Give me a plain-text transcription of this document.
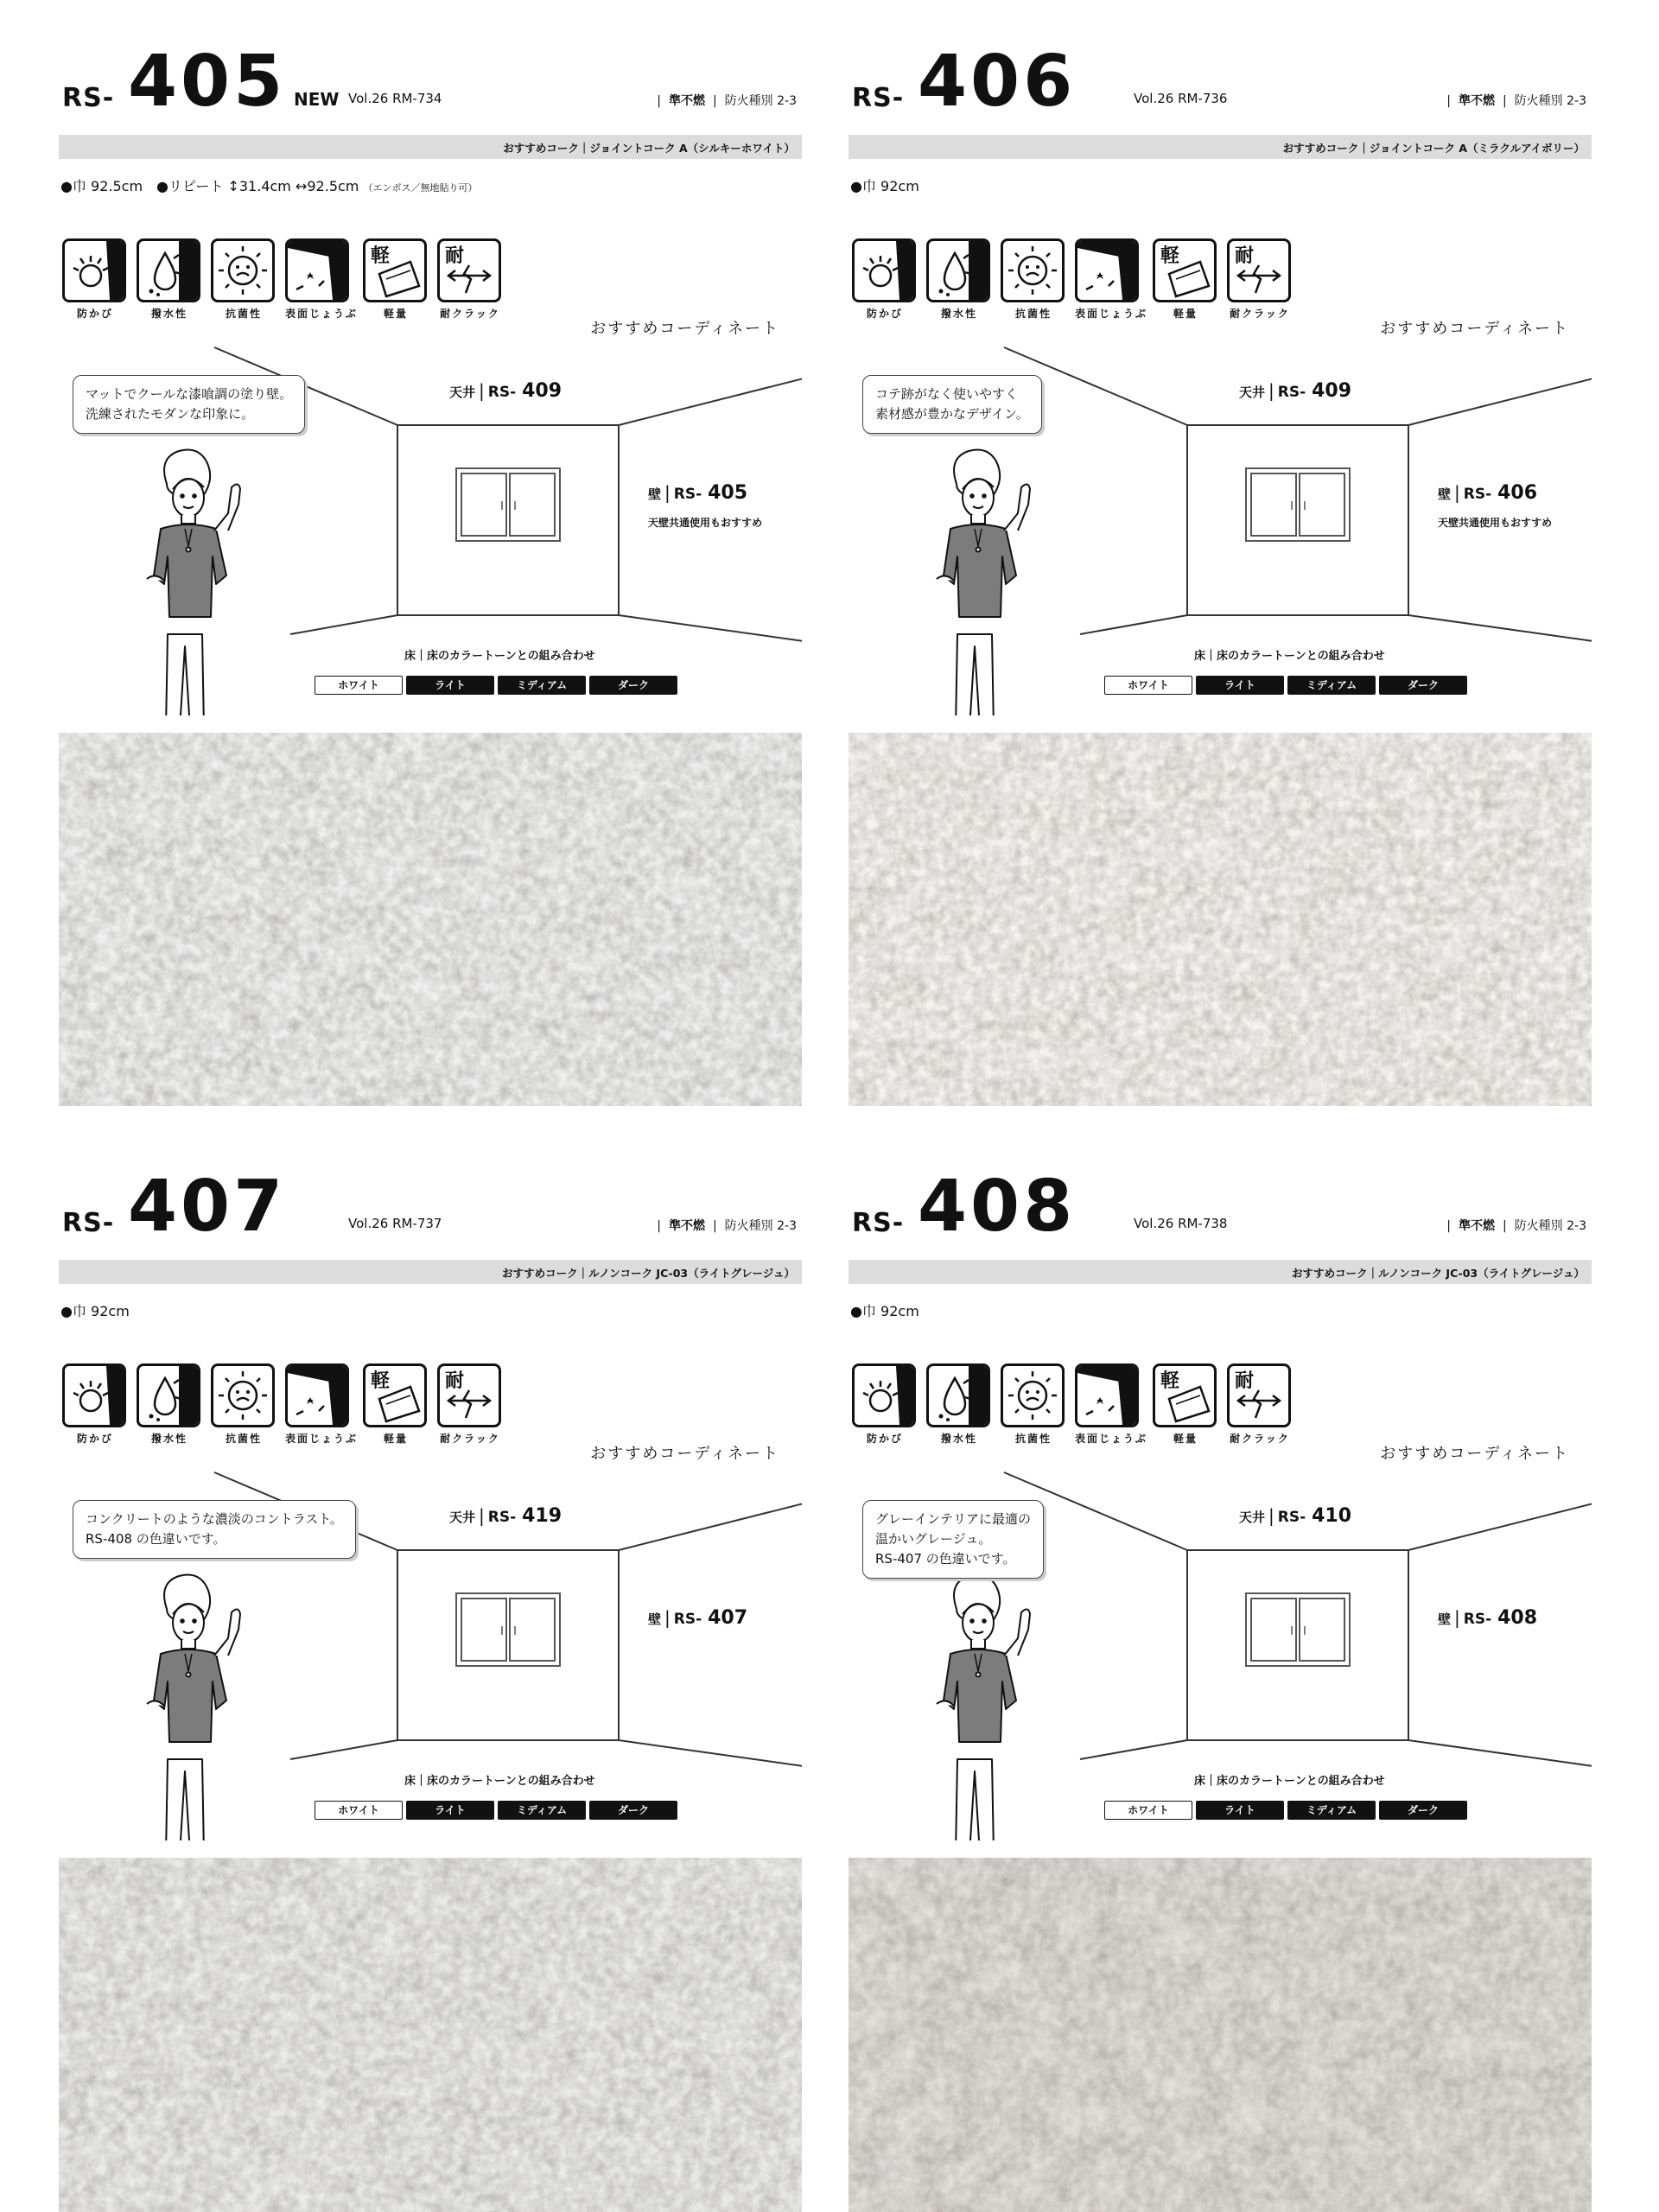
RS- 405 NEW Vol.26 RM-734	| 準不燃 | 防火種別 2-3
おすすめコーク｜ジョイントコーク A（シルキーホワイト）
●巾 92.5cm　●リピート ↕31.4cm ↔92.5cm （エンボス／無地貼り可）
防かび	撥水性	抗菌性	表面じょうぶ
軽
軽量
耐
耐クラック
おすすめコーディネート
マットでクールな漆喰調の塗り壁。
洗練されたモダンな印象に。
天井 | RS- 409
壁 | RS- 405
天壁共通使用もおすすめ
床｜床のカラートーンとの組み合わせ
ホワイト	ライト	ミディアム	ダーク
RS- 406	Vol.26 RM-736	| 準不燃 | 防火種別 2-3
おすすめコーク｜ジョイントコーク A（ミラクルアイボリー）
●巾 92cm
防かび	撥水性	抗菌性	表面じょうぶ
軽
軽量
耐
耐クラック
おすすめコーディネート
コテ跡がなく使いやすく
素材感が豊かなデザイン。
天井 | RS- 409
壁 | RS- 406
天壁共通使用もおすすめ
床｜床のカラートーンとの組み合わせ
ホワイト	ライト	ミディアム	ダーク
RS- 407	Vol.26 RM-737	| 準不燃 | 防火種別 2-3
おすすめコーク｜ルノンコーク JC-03（ライトグレージュ）
●巾 92cm
防かび	撥水性	抗菌性	表面じょうぶ
軽
軽量
耐
耐クラック
おすすめコーディネート
コンクリートのような濃淡のコントラスト。
RS-408 の色違いです。
天井 | RS- 419
壁 | RS- 407
床｜床のカラートーンとの組み合わせ
ホワイト	ライト	ミディアム	ダーク
RS- 408	Vol.26 RM-738	| 準不燃 | 防火種別 2-3
おすすめコーク｜ルノンコーク JC-03（ライトグレージュ）
●巾 92cm
防かび	撥水性	抗菌性	表面じょうぶ
軽
軽量
耐
耐クラック
おすすめコーディネート
グレーインテリアに最適の
温かいグレージュ。
RS-407 の色違いです。
天井 | RS- 410
壁 | RS- 408
床｜床のカラートーンとの組み合わせ
ホワイト	ライト	ミディアム	ダーク
